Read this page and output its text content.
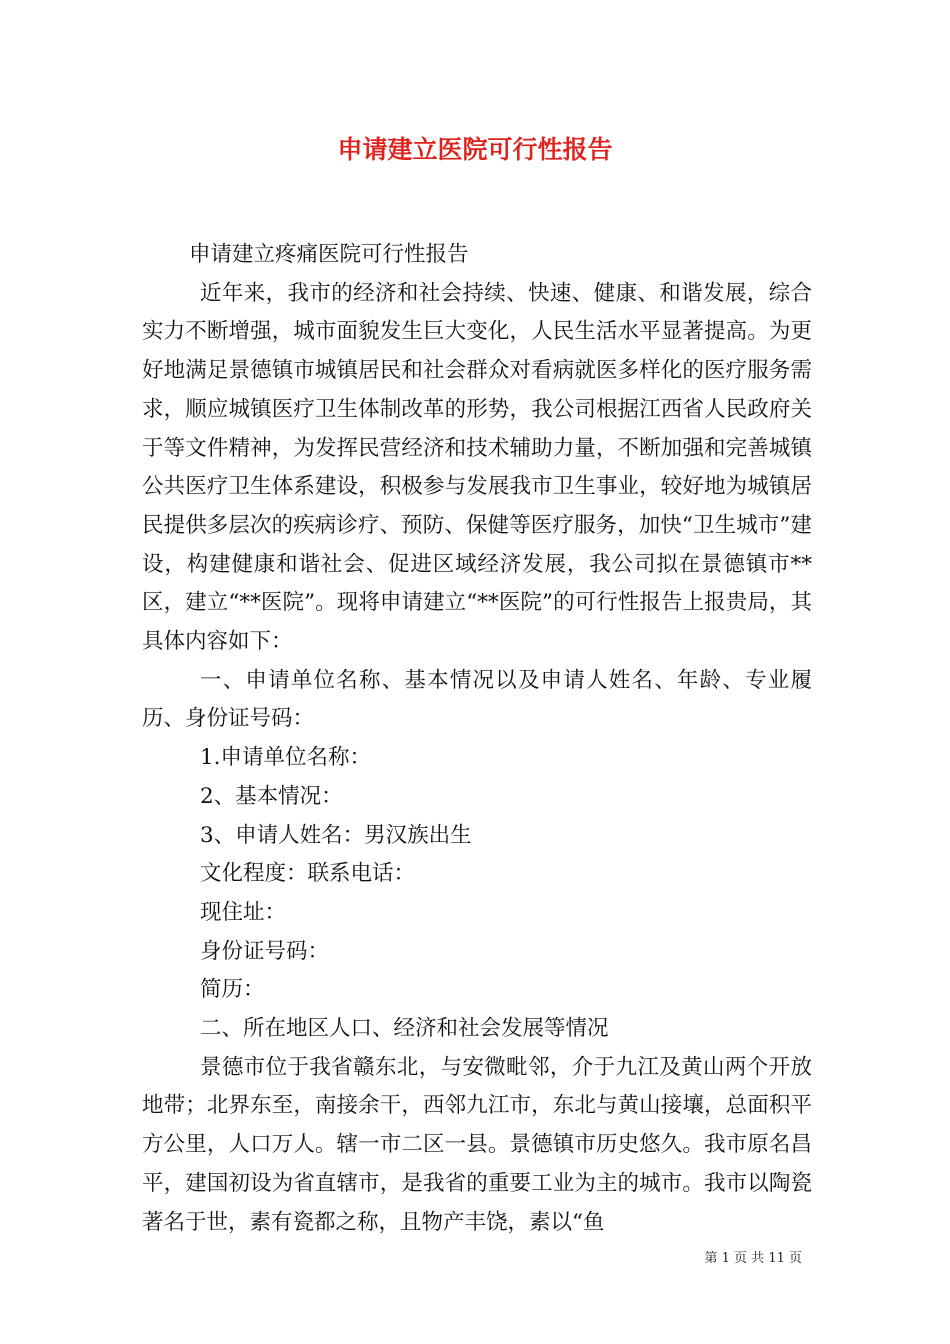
申请建立医院可行性报告

申请建立疼痛医院可行性报告

近年来，我市的经济和社会持续、快速、健康、和谐发展，综合实力不断增强，城市面貌发生巨大变化，人民生活水平显著提高。为更好地满足景德镇市城镇居民和社会群众对看病就医多样化的医疗服务需求，顺应城镇医疗卫生体制改革的形势，我公司根据江西省人民政府关于等文件精神，为发挥民营经济和技术辅助力量，不断加强和完善城镇公共医疗卫生体系建设，积极参与发展我市卫生事业，较好地为城镇居民提供多层次的疾病诊疗、预防、保健等医疗服务，加快“卫生城市”建设，构建健康和谐社会、促进区域经济发展，我公司拟在景德镇市**区，建立“**医院”。现将申请建立“**医院”的可行性报告上报贵局，其具体内容如下：

一、申请单位名称、基本情况以及申请人姓名、年龄、专业履历、身份证号码：

1.申请单位名称：

2、基本情况：

3、申请人姓名：男汉族出生

文化程度：联系电话：

现住址：

身份证号码：

简历：

二、所在地区人口、经济和社会发展等情况

景德市位于我省赣东北，与安微毗邻，介于九江及黄山两个开放地带；北界东至，南接余干，西邻九江市，东北与黄山接壤，总面积平方公里，人口万人。辖一市二区一县。景德镇市历史悠久。我市原名昌平，建国初设为省直辖市，是我省的重要工业为主的城市。我市以陶瓷著名于世，素有瓷都之称，且物产丰饶，素以“鱼

第 1 页 共 11 页
